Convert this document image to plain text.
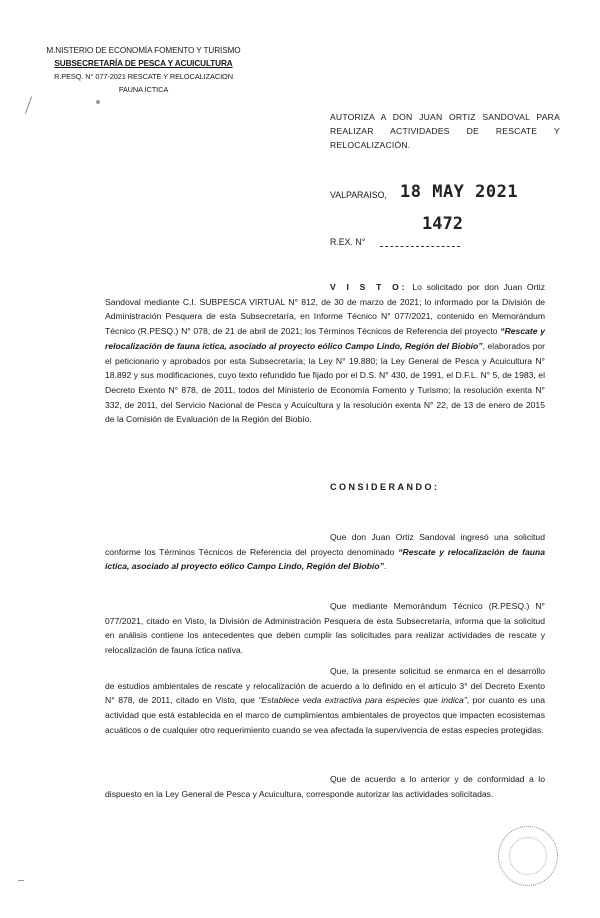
M.NISTERIO DE ECONOMÍA FOMENTO Y TURISMO
SUBSECRETARÍA DE PESCA Y ACUICULTURA
R.PESQ. N° 077-2021 RESCATE Y RELOCALIZACION
FAUNA ICTICA
AUTORIZA A DON JUAN ORTIZ SANDOVAL PARA REALIZAR ACTIVIDADES DE RESCATE Y RELOCALIZACIÓN.
VALPARAISO, 18 MAY 2021
1472
R.EX. N°
V I S T O: Lo solicitado por don Juan Ortiz Sandoval mediante C.I. SUBPESCA VIRTUAL N° 812, de 30 de marzo de 2021; lo informado por la División de Administración Pesquera de esta Subsecretaría, en Informe Técnico N° 077/2021, contenido en Memorándum Técnico (R.PESQ.) N° 078, de 21 de abril de 2021; los Términos Técnicos de Referencia del proyecto “Rescate y relocalización de fauna íctica, asociado al proyecto eólico Campo Lindo, Región del Biobío”, elaborados por el peticionario y aprobados por esta Subsecretaría; la Ley N° 19.880; la Ley General de Pesca y Acuicultura N° 18.892 y sus modificaciones, cuyo texto refundido fue fijado por el D.S. N° 430, de 1991, el D.F.L. N° 5, de 1983, el Decreto Exento N° 878, de 2011, todos del Ministerio de Economía Fomento y Turismo; la resolución exenta N° 332, de 2011, del Servicio Nacional de Pesca y Acuicultura y la resolución exenta N° 22, de 13 de enero de 2015 de la Comisión de Evaluación de la Región del Biobío.
CONSIDERANDO:
Que don Juan Ortiz Sandoval ingresó una solicitud conforme los Términos Técnicos de Referencia del proyecto denominado “Rescate y relocalización de fauna íctica, asociado al proyecto eólico Campo Lindo, Región del Biobío”.
Que mediante Memorándum Técnico (R.PESQ.) N° 077/2021, citado en Visto, la División de Administración Pesquera de esta Subsecretaría, informa que la solicitud en análisis contiene los antecedentes que deben cumplir las solicitudes para realizar actividades de rescate y relocalización de fauna íctica nativa.
Que, la presente solicitud se enmarca en el desarrollo de estudios ambientales de rescate y relocalización de acuerdo a lo definido en el artículo 3° del Decreto Exento N° 878, de 2011, citado en Visto, que “Establece veda extractiva para especies que indica”, por cuanto es una actividad que está establecida en el marco de cumplimientos ambientales de proyectos que impacten ecosistemas acuáticos o de cualquier otro requerimiento cuando se vea afectada la supervivencia de estas especies protegidas.
Que de acuerdo a lo anterior y de conformidad a lo dispuesto en la Ley General de Pesca y Acuicultura, corresponde autorizar las actividades solicitadas.
